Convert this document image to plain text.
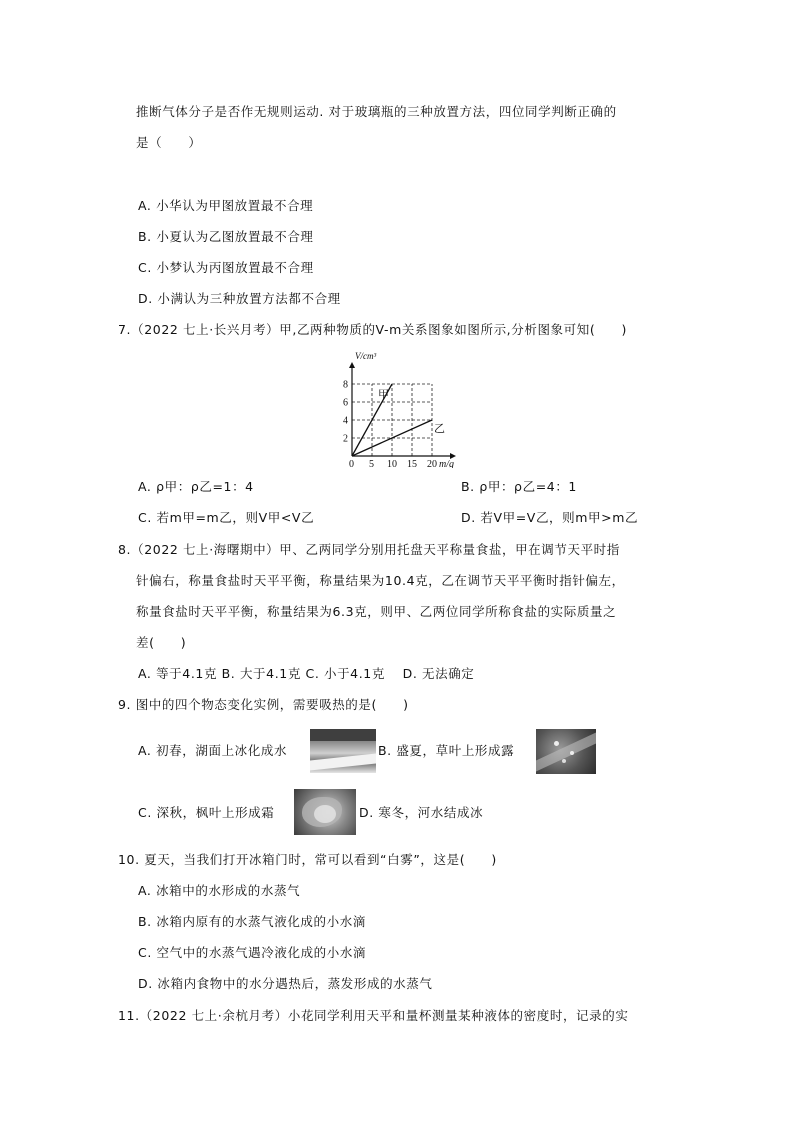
推断气体分子是否作无规则运动. 对于玻璃瓶的三种放置方法，四位同学判断正确的
是（　　）
A. 小华认为甲图放置最不合理
B. 小夏认为乙图放置最不合理
C. 小梦认为丙图放置最不合理
D. 小满认为三种放置方法都不合理
7.（2022 七上·长兴月考）甲,乙两种物质的V-m关系图象如图所示,分析图象可知(　　)
甲
乙
0 5 10 15 20
2
4
6
8
m/g
V/cm³
A. ρ甲：ρ乙=1：4	B. ρ甲：ρ乙=4：1
C. 若m甲=m乙，则V甲<V乙	D. 若V甲=V乙，则m甲>m乙
8.（2022 七上·海曙期中）甲、乙两同学分别用托盘天平称量食盐，甲在调节天平时指
针偏右，称量食盐时天平平衡，称量结果为10.4克，乙在调节天平平衡时指针偏左，
称量食盐时天平平衡，称量结果为6.3克，则甲、乙两位同学所称食盐的实际质量之
差(　　)
A. 等于4.1克 B. 大于4.1克 C. 小于4.1克　 D. 无法确定
9. 图中的四个物态变化实例，需要吸热的是(　　)
A. 初春，湖面上冰化成水	B. 盛夏，草叶上形成露
C. 深秋，枫叶上形成霜	D. 寒冬，河水结成冰
10. 夏天，当我们打开冰箱门时，常可以看到“白雾”，这是(　　)
A. 冰箱中的水形成的水蒸气
B. 冰箱内原有的水蒸气液化成的小水滴
C. 空气中的水蒸气遇冷液化成的小水滴
D. 冰箱内食物中的水分遇热后，蒸发形成的水蒸气
11.（2022 七上·余杭月考）小花同学利用天平和量杯测量某种液体的密度时，记录的实
